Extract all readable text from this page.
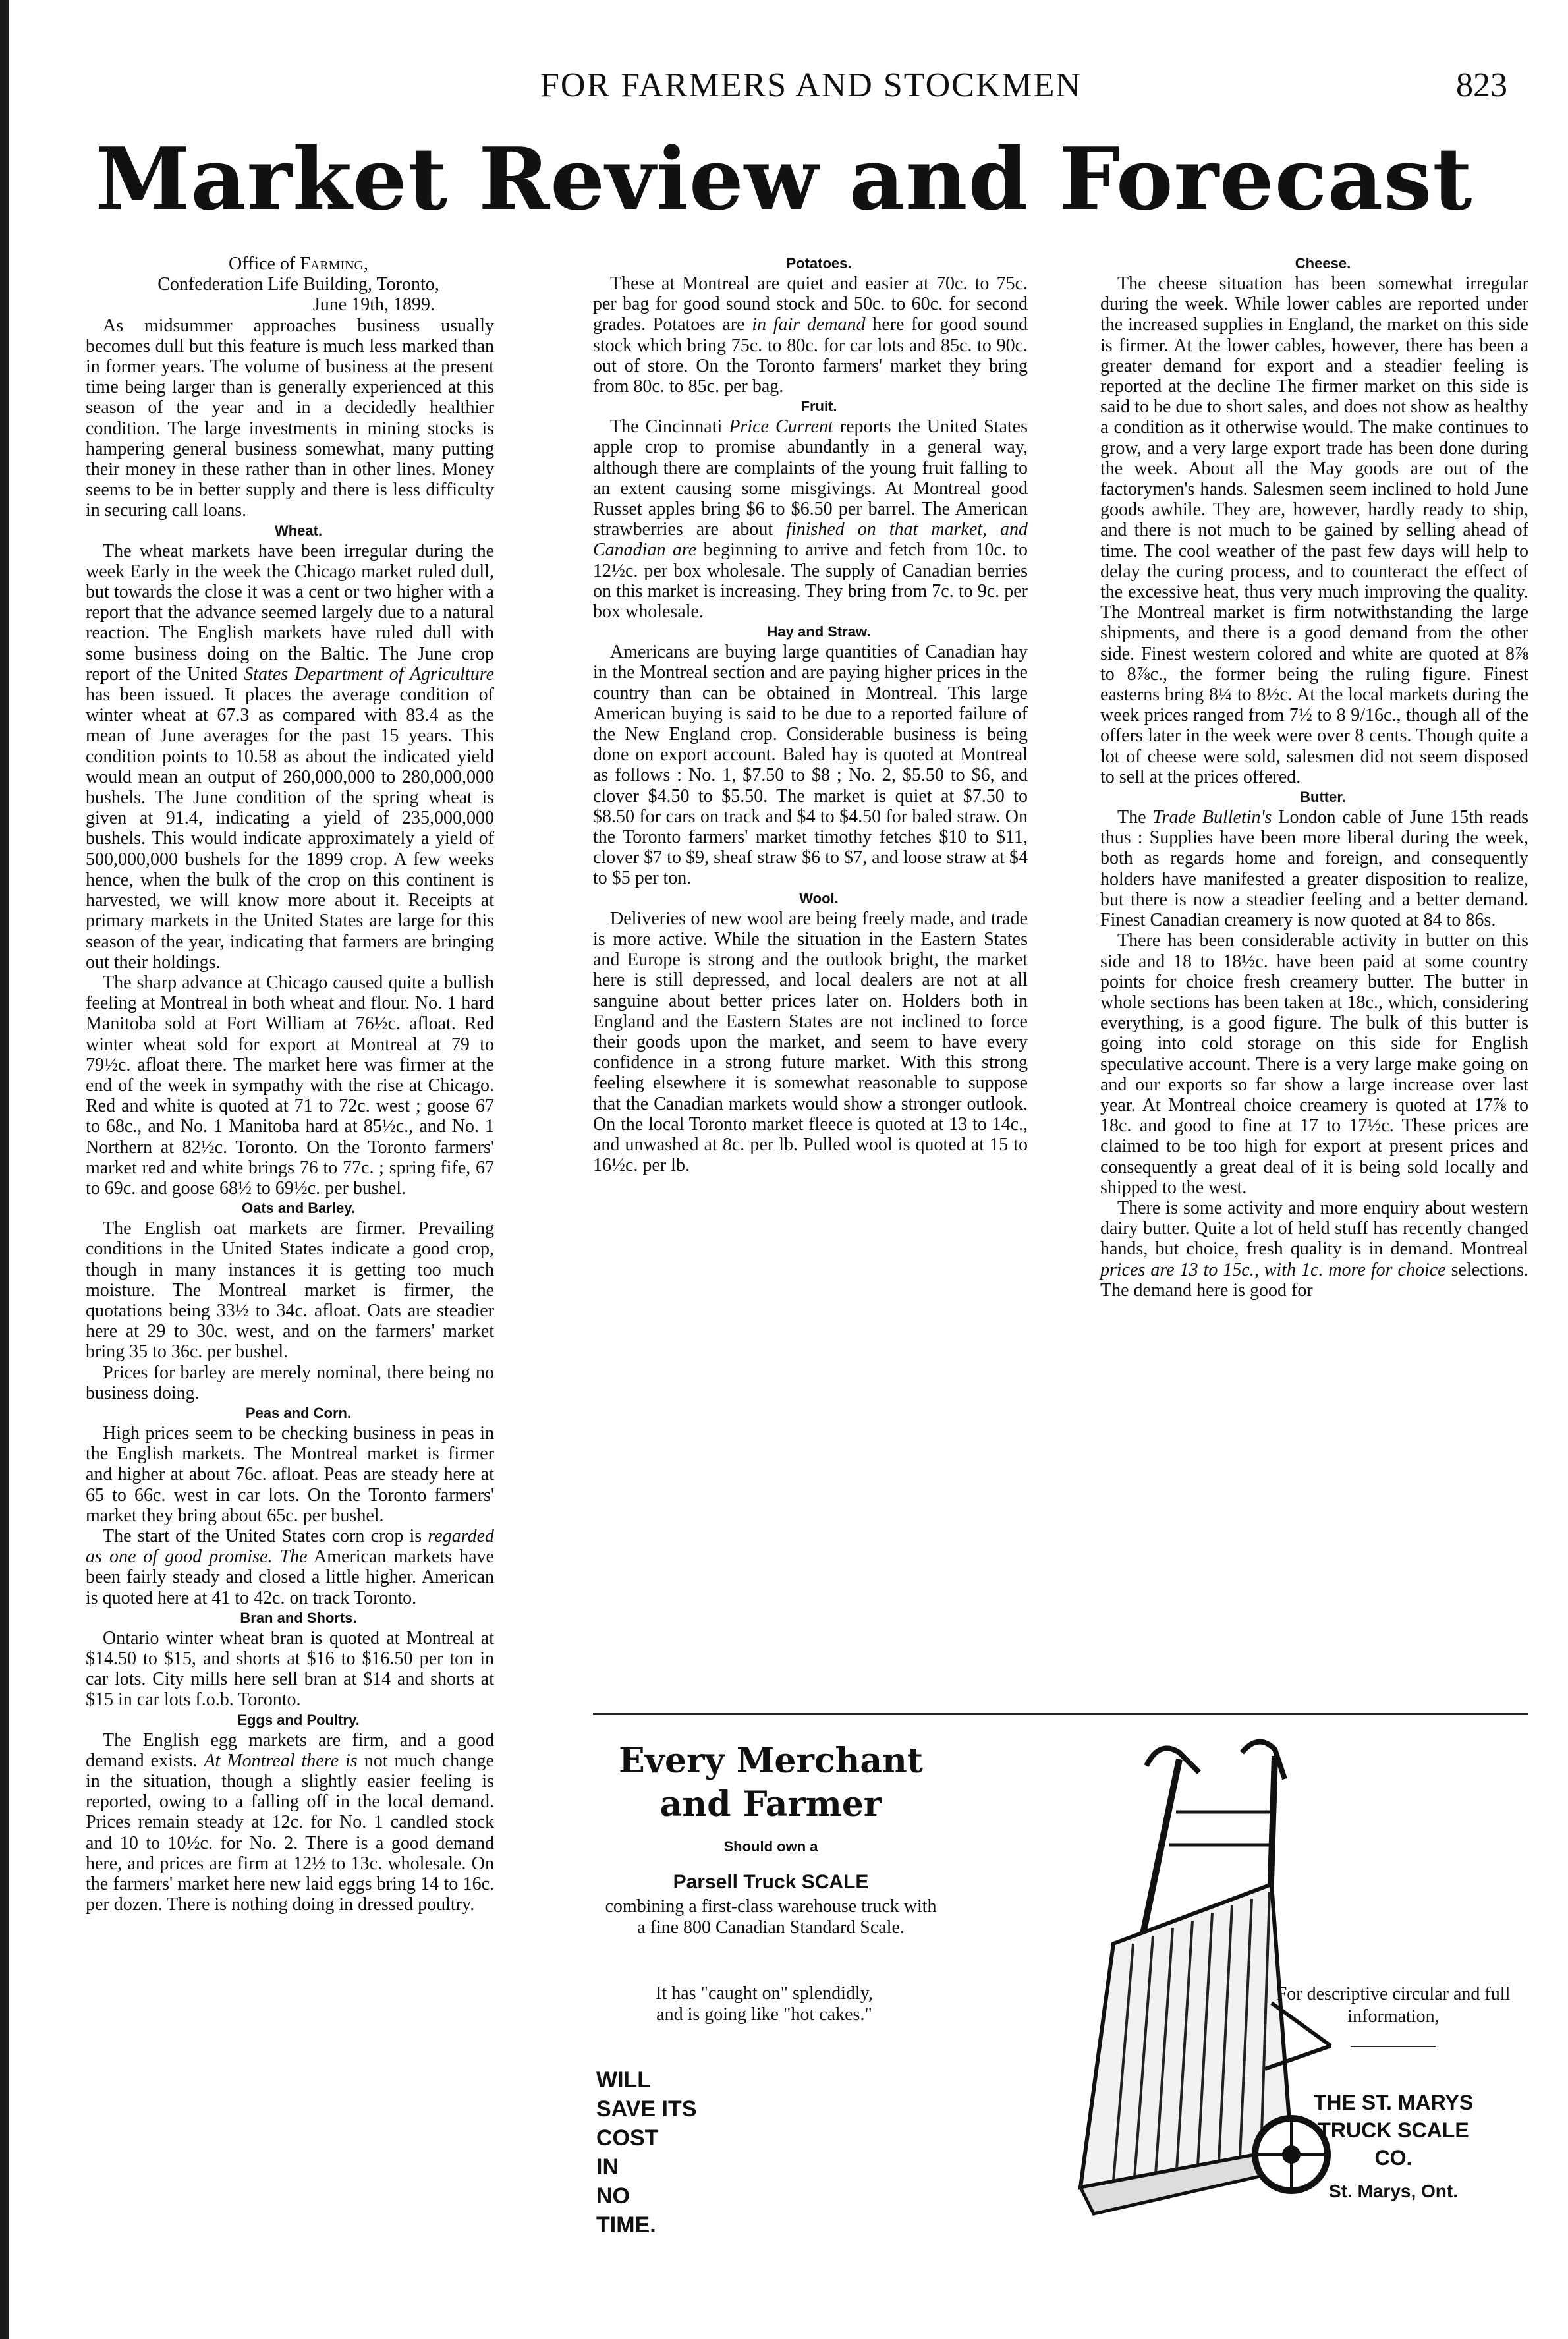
FOR FARMERS AND STOCKMEN	823
Market Review and Forecast

Office of Farming,

Confederation Life Building, Toronto,

June 19th, 1899.

As midsummer approaches business usually becomes dull but this feature is much less marked than in former years. The volume of business at the present time being larger than is generally experienced at this season of the year and in a decidedly healthier condition. The large investments in mining stocks is hampering general business somewhat, many putting their money in these rather than in other lines. Money seems to be in better supply and there is less difficulty in securing call loans.

Wheat.

The wheat markets have been irregular during the week Early in the week the Chicago market ruled dull, but towards the close it was a cent or two higher with a report that the advance seemed largely due to a natural reaction. The English markets have ruled dull with some business doing on the Baltic. The June crop report of the United States Department of Agriculture has been issued. It places the average condition of winter wheat at 67.3 as compared with 83.4 as the mean of June averages for the past 15 years. This condition points to 10.58 as about the indicated yield would mean an output of 260,000,000 to 280,000,000 bushels. The June condition of the spring wheat is given at 91.4, indicating a yield of 235,000,000 bushels. This would indicate approximately a yield of 500,000,000 bushels for the 1899 crop. A few weeks hence, when the bulk of the crop on this continent is harvested, we will know more about it. Receipts at primary markets in the United States are large for this season of the year, indicating that farmers are bringing out their holdings.

The sharp advance at Chicago caused quite a bullish feeling at Montreal in both wheat and flour. No. 1 hard Manitoba sold at Fort William at 76½c. afloat. Red winter wheat sold for export at Montreal at 79 to 79½c. afloat there. The market here was firmer at the end of the week in sympathy with the rise at Chicago. Red and white is quoted at 71 to 72c. west ; goose 67 to 68c., and No. 1 Manitoba hard at 85½c., and No. 1 Northern at 82½c. Toronto. On the Toronto farmers' market red and white brings 76 to 77c. ; spring fife, 67 to 69c. and goose 68½ to 69½c. per bushel.

Oats and Barley.

The English oat markets are firmer. Prevailing conditions in the United States indicate a good crop, though in many instances it is getting too much moisture. The Montreal market is firmer, the quotations being 33½ to 34c. afloat. Oats are steadier here at 29 to 30c. west, and on the farmers' market bring 35 to 36c. per bushel.

Prices for barley are merely nominal, there being no business doing.

Peas and Corn.

High prices seem to be checking business in peas in the English markets. The Montreal market is firmer and higher at about 76c. afloat. Peas are steady here at 65 to 66c. west in car lots. On the Toronto farmers' market they bring about 65c. per bushel.

The start of the United States corn crop is regarded as one of good promise. The American markets have been fairly steady and closed a little higher. American is quoted here at 41 to 42c. on track Toronto.

Bran and Shorts.

Ontario winter wheat bran is quoted at Montreal at $14.50 to $15, and shorts at $16 to $16.50 per ton in car lots. City mills here sell bran at $14 and shorts at $15 in car lots f.o.b. Toronto.

Eggs and Poultry.

The English egg markets are firm, and a good demand exists. At Montreal there is not much change in the situation, though a slightly easier feeling is reported, owing to a falling off in the local demand. Prices remain steady at 12c. for No. 1 candled stock and 10 to 10½c. for No. 2. There is a good demand here, and prices are firm at 12½ to 13c. wholesale. On the farmers' market here new laid eggs bring 14 to 16c. per dozen. There is nothing doing in dressed poultry.

Potatoes.

These at Montreal are quiet and easier at 70c. to 75c. per bag for good sound stock and 50c. to 60c. for second grades. Potatoes are in fair demand here for good sound stock which bring 75c. to 80c. for car lots and 85c. to 90c. out of store. On the Toronto farmers' market they bring from 80c. to 85c. per bag.

Fruit.

The Cincinnati Price Current reports the United States apple crop to promise abundantly in a general way, although there are complaints of the young fruit falling to an extent causing some misgivings. At Montreal good Russet apples bring $6 to $6.50 per barrel. The American strawberries are about finished on that market, and Canadian are beginning to arrive and fetch from 10c. to 12½c. per box wholesale. The supply of Canadian berries on this market is increasing. They bring from 7c. to 9c. per box wholesale.

Hay and Straw.

Americans are buying large quantities of Canadian hay in the Montreal section and are paying higher prices in the country than can be obtained in Montreal. This large American buying is said to be due to a reported failure of the New England crop. Considerable business is being done on export account. Baled hay is quoted at Montreal as follows : No. 1, $7.50 to $8 ; No. 2, $5.50 to $6, and clover $4.50 to $5.50. The market is quiet at $7.50 to $8.50 for cars on track and $4 to $4.50 for baled straw. On the Toronto farmers' market timothy fetches $10 to $11, clover $7 to $9, sheaf straw $6 to $7, and loose straw at $4 to $5 per ton.

Wool.

Deliveries of new wool are being freely made, and trade is more active. While the situation in the Eastern States and Europe is strong and the outlook bright, the market here is still depressed, and local dealers are not at all sanguine about better prices later on. Holders both in England and the Eastern States are not inclined to force their goods upon the market, and seem to have every confidence in a strong future market. With this strong feeling elsewhere it is somewhat reasonable to suppose that the Canadian markets would show a stronger outlook. On the local Toronto market fleece is quoted at 13 to 14c., and unwashed at 8c. per lb. Pulled wool is quoted at 15 to 16½c. per lb.

Cheese.

The cheese situation has been somewhat irregular during the week. While lower cables are reported under the increased supplies in England, the market on this side is firmer. At the lower cables, however, there has been a greater demand for export and a steadier feeling is reported at the decline The firmer market on this side is said to be due to short sales, and does not show as healthy a condition as it otherwise would. The make continues to grow, and a very large export trade has been done during the week. About all the May goods are out of the factorymen's hands. Salesmen seem inclined to hold June goods awhile. They are, however, hardly ready to ship, and there is not much to be gained by selling ahead of time. The cool weather of the past few days will help to delay the curing process, and to counteract the effect of the excessive heat, thus very much improving the quality. The Montreal market is firm notwithstanding the large shipments, and there is a good demand from the other side. Finest western colored and white are quoted at 8⅞ to 8⅞c., the former being the ruling figure. Finest easterns bring 8¼ to 8½c. At the local markets during the week prices ranged from 7½ to 8 9/16c., though all of the offers later in the week were over 8 cents. Though quite a lot of cheese were sold, salesmen did not seem disposed to sell at the prices offered.

Butter.

The Trade Bulletin's London cable of June 15th reads thus : Supplies have been more liberal during the week, both as regards home and foreign, and consequently holders have manifested a greater disposition to realize, but there is now a steadier feeling and a better demand. Finest Canadian creamery is now quoted at 84 to 86s.

There has been considerable activity in butter on this side and 18 to 18½c. have been paid at some country points for choice fresh creamery butter. The butter in whole sections has been taken at 18c., which, considering everything, is a good figure. The bulk of this butter is going into cold storage on this side for English speculative account. There is a very large make going on and our exports so far show a large increase over last year. At Montreal choice creamery is quoted at 17⅞ to 18c. and good to fine at 17 to 17½c. These prices are claimed to be too high for export at present prices and consequently a great deal of it is being sold locally and shipped to the west.

There is some activity and more enquiry about western dairy butter. Quite a lot of held stuff has recently changed hands, but choice, fresh quality is in demand. Montreal prices are 13 to 15c., with 1c. more for choice selections. The demand here is good for

Every Merchant
and Farmer
Should own a
Parsell Truck SCALE
combining a first-class warehouse truck with a fine 800 Canadian Standard Scale.
It has "caught on" splendidly, and is going like "hot cakes."
WILL
SAVE ITS
COST
IN
NO
TIME.
For descriptive circular and full information,
THE ST. MARYS
TRUCK SCALE
CO.
St. Marys, Ont.
